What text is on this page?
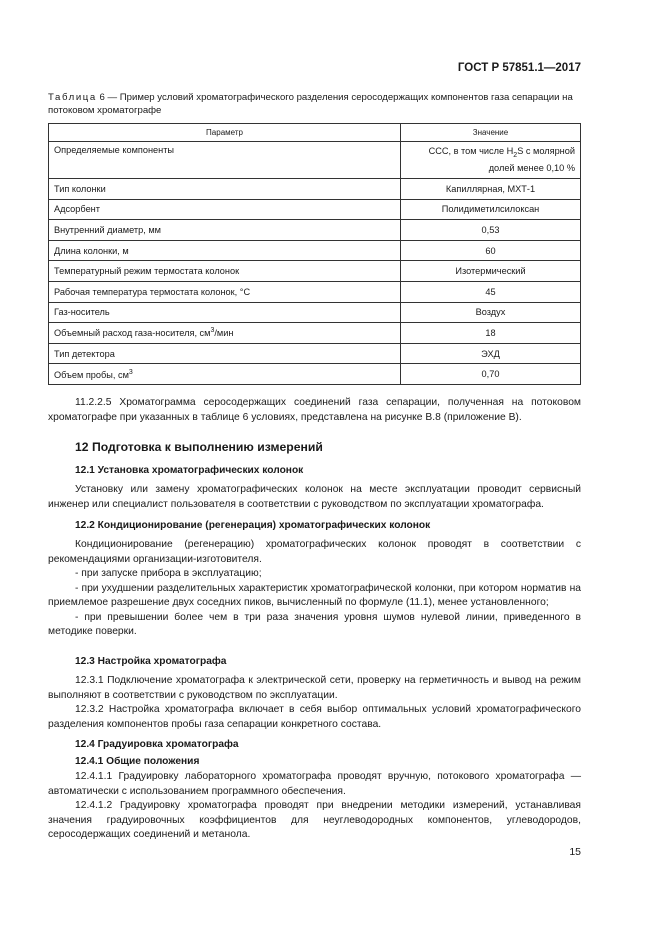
ГОСТ Р 57851.1—2017
Таблица 6 — Пример условий хроматографического разделения серосодержащих компонентов газа сепарации на потоковом хроматографе
Параметр	Значение
Определяемые компоненты	ССС, в том числе $H_2S$ с молярной долей менее 0,10 %
Тип колонки	Капиллярная, МХТ-1
Адсорбент	Полидиметилсилоксан
Внутренний диаметр, мм	0,53
Длина колонки, м	60
Температурный режим термостата колонок	Изотермический
Рабочая температура термостата колонок, °С	45
Газ-носитель	Воздух
Объемный расход газа-носителя, $см^3$/мин	18
Тип детектора	ЭХД
Объем пробы, $см^3$	0,70

11.2.2.5 Хроматограмма серосодержащих соединений газа сепарации, полученная на потоковом хроматографе при указанных в таблице 6 условиях, представлена на рисунке В.8 (приложение В).

12 Подготовка к выполнению измерений
12.1 Установка хроматографических колонок

Установку или замену хроматографических колонок на месте эксплуатации проводит сервисный инженер или специалист пользователя в соответствии с руководством по эксплуатации хроматографа.

12.2 Кондиционирование (регенерация) хроматографических колонок

Кондиционирование (регенерацию) хроматографических колонок проводят в соответствии с рекомендациями организации-изготовителя.

- при запуске прибора в эксплуатацию;

- при ухудшении разделительных характеристик хроматографической колонки, при котором норматив на приемлемое разрешение двух соседних пиков, вычисленный по формуле (11.1), менее установленного;

- при превышении более чем в три раза значения уровня шумов нулевой линии, приведенного в методике поверки.

12.3 Настройка хроматографа

12.3.1 Подключение хроматографа к электрической сети, проверку на герметичность и вывод на режим выполняют в соответствии с руководством по эксплуатации.

12.3.2 Настройка хроматографа включает в себя выбор оптимальных условий хроматографического разделения компонентов пробы газа сепарации конкретного состава.

12.4 Градуировка хроматографа
12.4.1 Общие положения

12.4.1.1 Градуировку лабораторного хроматографа проводят вручную, потокового хроматографа — автоматически с использованием программного обеспечения.

12.4.1.2 Градуировку хроматографа проводят при внедрении методики измерений, устанавливая значения градуировочных коэффициентов для неуглеводородных компонентов, углеводородов, серосодержащих соединений и метанола.

15
